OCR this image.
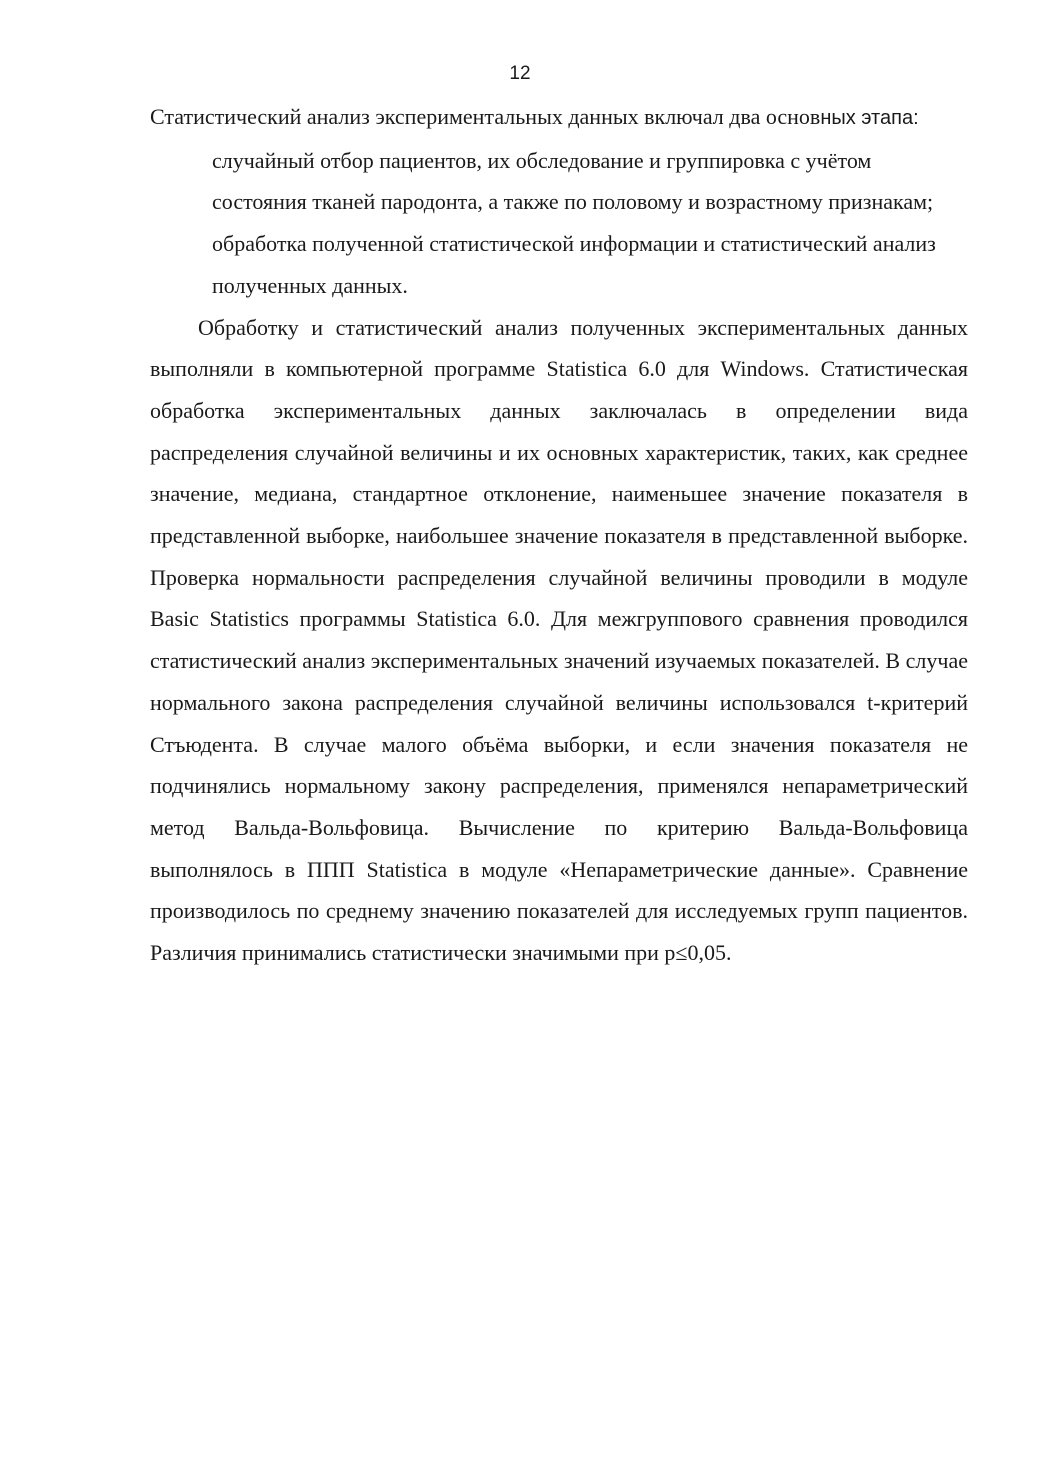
12

Статистический анализ экспериментальных данных включал два основных этапа:

случайный отбор пациентов, их обследование и группировка с учётом состояния тканей пародонта, а также по половому и возрастному признакам;
обработка полученной статистической информации и статистический анализ полученных данных.

Обработку и статистический анализ полученных экспериментальных данных выполняли в компьютерной программе Statistica 6.0 для Windows. Статистическая обработка экспериментальных данных заключалась в определении вида распределения случайной величины и их основных характеристик, таких, как среднее значение, медиана, стандартное отклонение, наименьшее значение показателя в представленной выборке, наибольшее значение показателя в представленной выборке. Проверка нормальности распределения случайной величины проводили в модуле Basic Statistics программы Statistica 6.0. Для межгруппового сравнения проводился статистический анализ экспериментальных значений изучаемых показателей. В случае нормального закона распределения случайной величины использовался t-критерий Стъюдента. В случае малого объёма выборки, и если значения показателя не подчинялись нормальному закону распределения, применялся непараметрический метод Вальда-Вольфовица. Вычисление по критерию Вальда-Вольфовица выполнялось в ППП Statistica в модуле «Непараметрические данные». Сравнение производилось по среднему значению показателей для исследуемых групп пациентов. Различия принимались статистически значимыми при p≤0,05.
